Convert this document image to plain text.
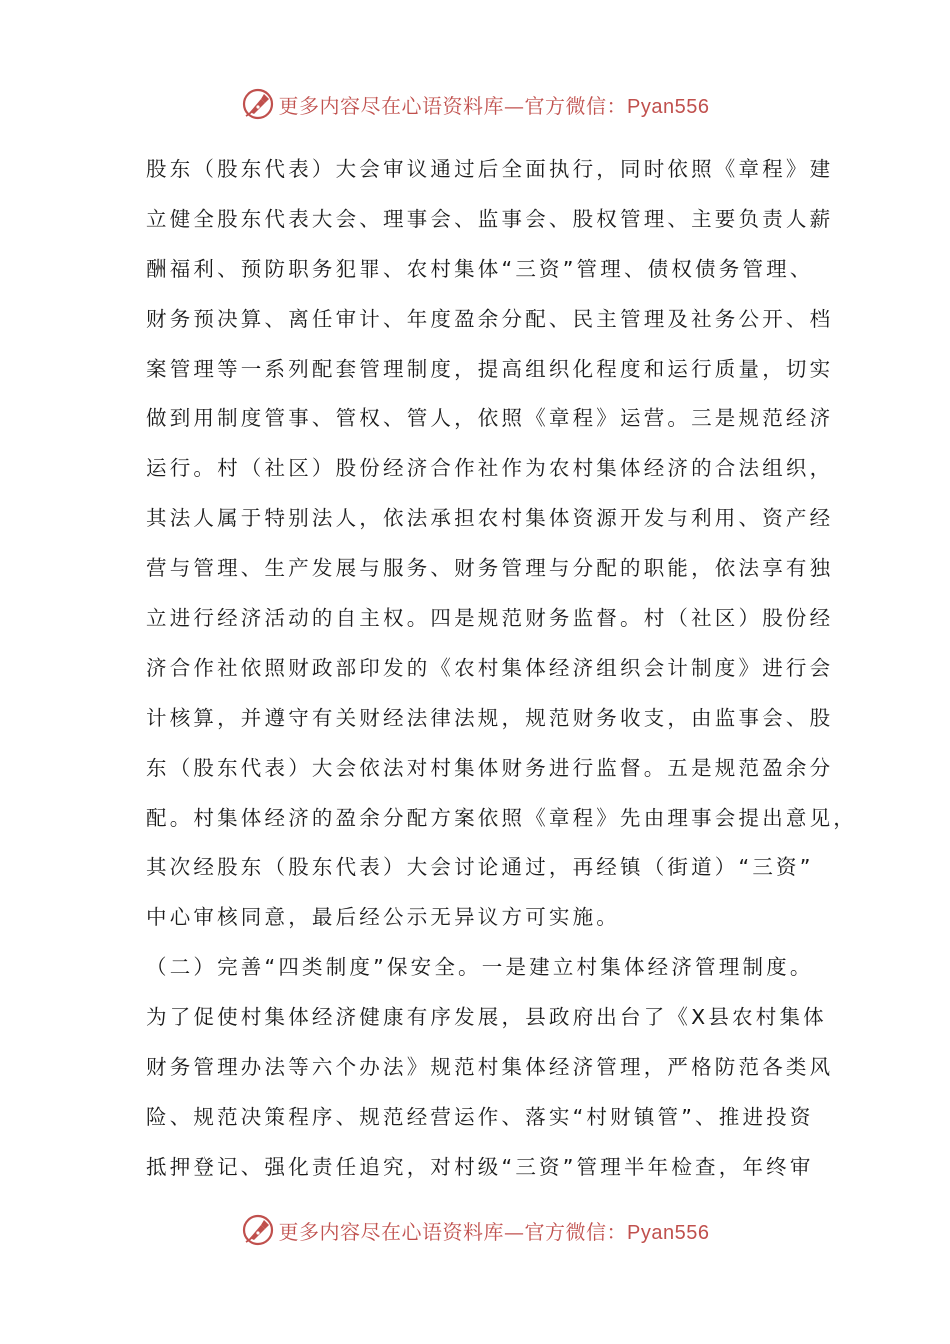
更多内容尽在心语资料库—官方微信：Pyan556
股东（股东代表）大会审议通过后全面执行，同时依照《章程》建
立健全股东代表大会、理事会、监事会、股权管理、主要负责人薪
酬福利、预防职务犯罪、农村集体“三资”管理、债权债务管理、
财务预决算、离任审计、年度盈余分配、民主管理及社务公开、档
案管理等一系列配套管理制度，提高组织化程度和运行质量，切实
做到用制度管事、管权、管人，依照《章程》运营。三是规范经济
运行。村（社区）股份经济合作社作为农村集体经济的合法组织，
其法人属于特别法人，依法承担农村集体资源开发与利用、资产经
营与管理、生产发展与服务、财务管理与分配的职能，依法享有独
立进行经济活动的自主权。四是规范财务监督。村（社区）股份经
济合作社依照财政部印发的《农村集体经济组织会计制度》进行会
计核算，并遵守有关财经法律法规，规范财务收支，由监事会、股
东（股东代表）大会依法对村集体财务进行监督。五是规范盈余分
配。村集体经济的盈余分配方案依照《章程》先由理事会提出意见，
其次经股东（股东代表）大会讨论通过，再经镇（街道）“三资”
中心审核同意，最后经公示无异议方可实施。
（二）完善“四类制度”保安全。一是建立村集体经济管理制度。
为了促使村集体经济健康有序发展，县政府出台了《X县农村集体
财务管理办法等六个办法》规范村集体经济管理，严格防范各类风
险、规范决策程序、规范经营运作、落实“村财镇管”、推进投资
抵押登记、强化责任追究，对村级“三资”管理半年检查，年终审
更多内容尽在心语资料库—官方微信：Pyan556
